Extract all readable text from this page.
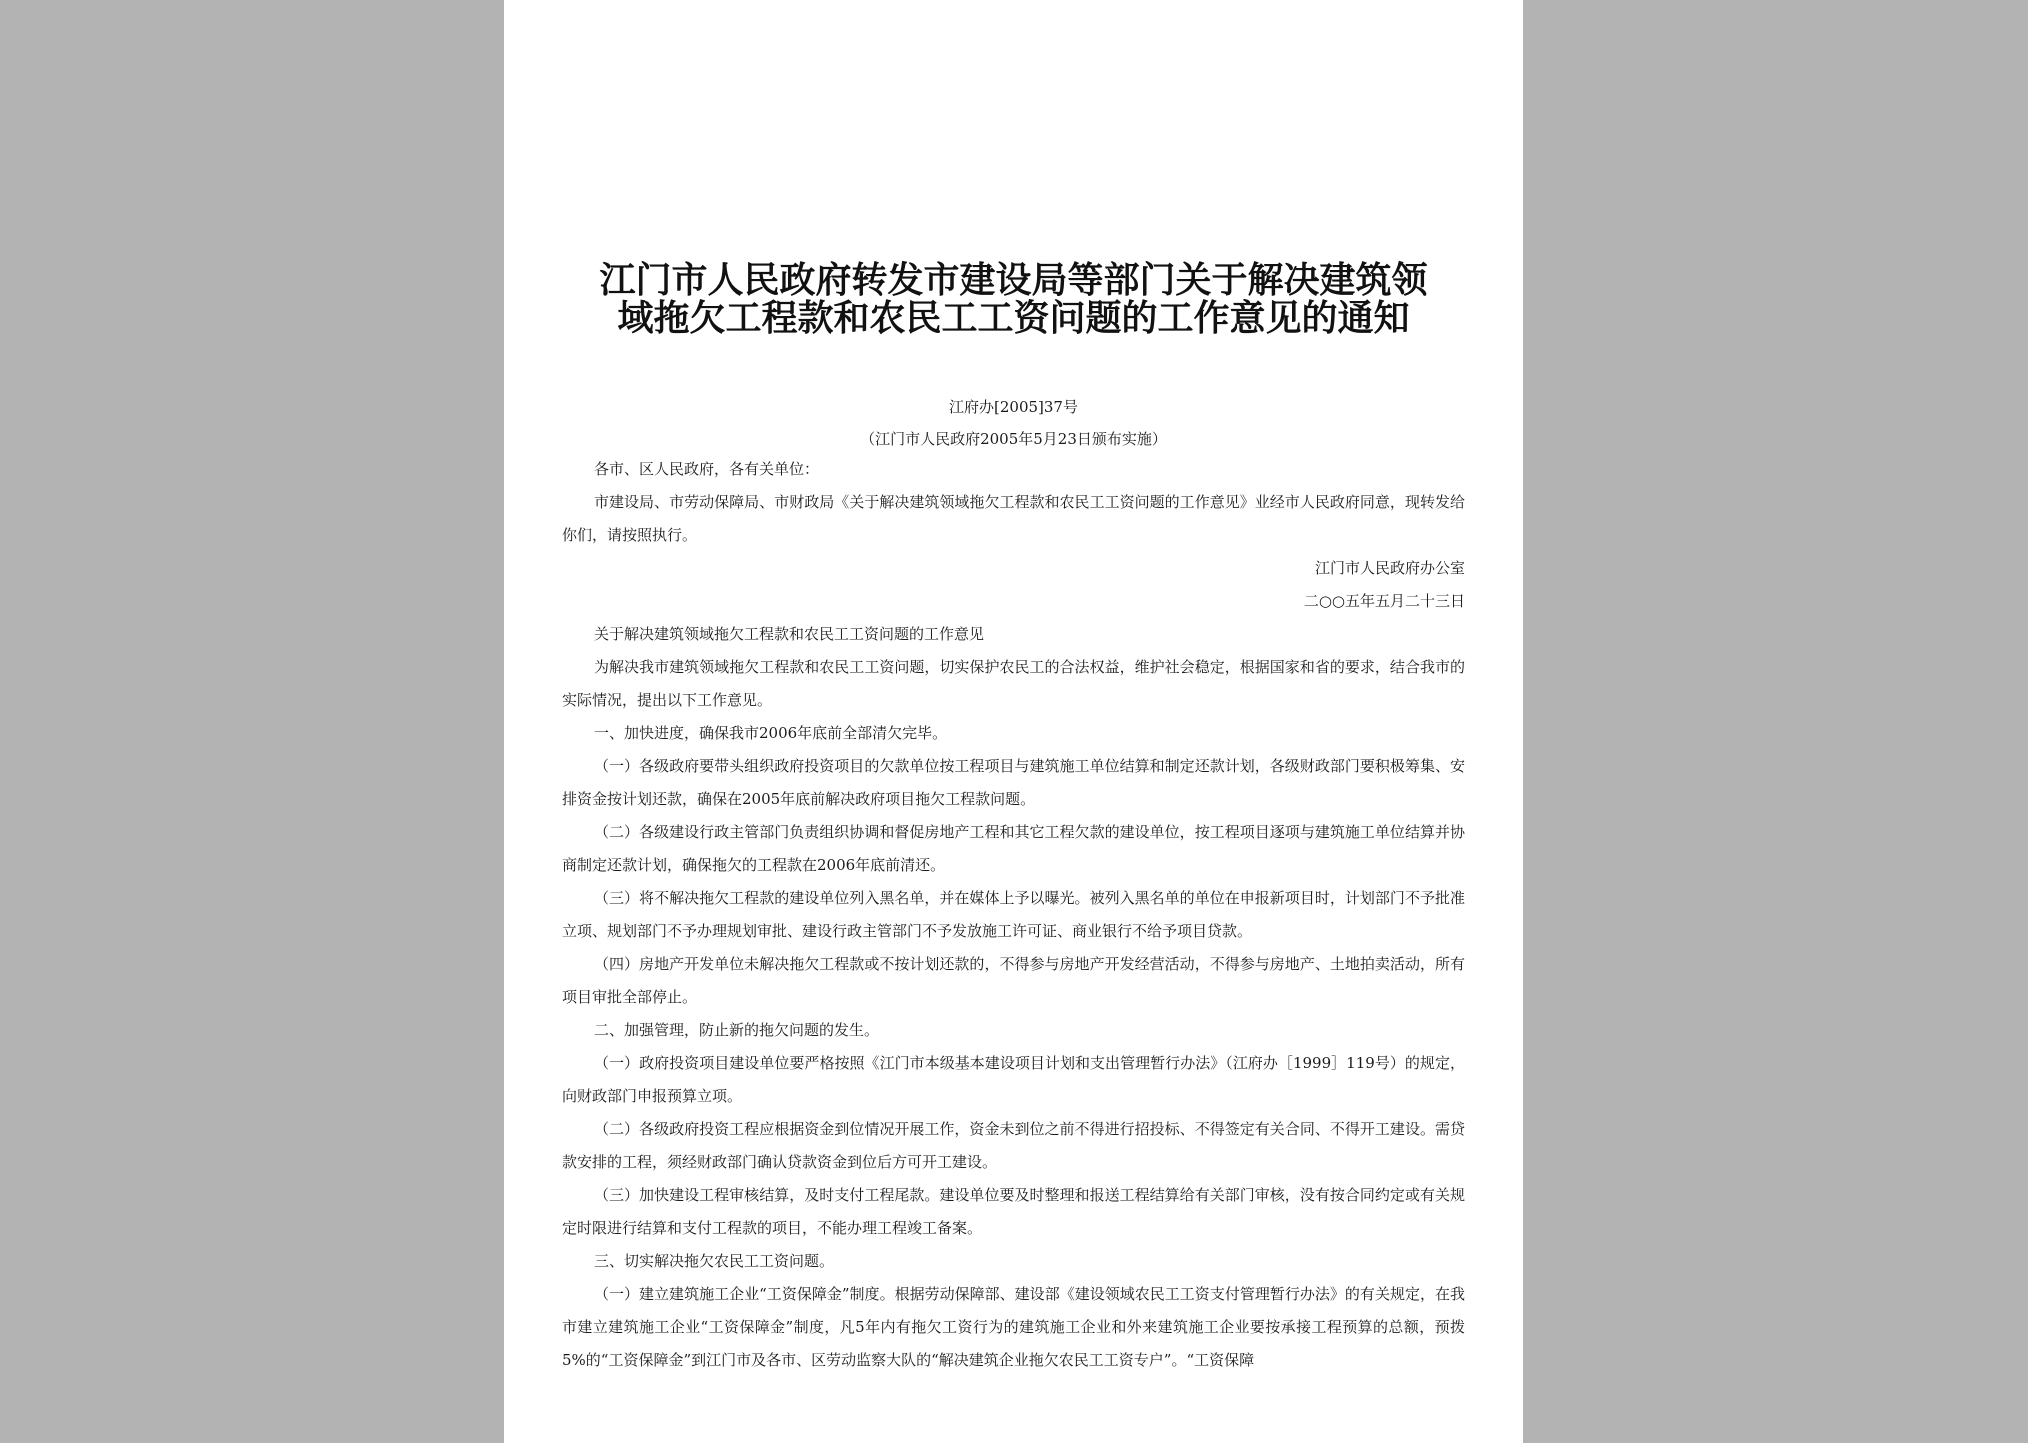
江门市人民政府转发市建设局等部门关于解决建筑领
域拖欠工程款和农民工工资问题的工作意见的通知
江府办[2005]37号
（江门市人民政府2005年5月23日颁布实施）

各市、区人民政府，各有关单位：

市建设局、市劳动保障局、市财政局《关于解决建筑领域拖欠工程款和农民工工资问题的工作意见》业经市人民政府同意，现转发给你们，请按照执行。

江门市人民政府办公室

二○○五年五月二十三日

关于解决建筑领域拖欠工程款和农民工工资问题的工作意见

为解决我市建筑领域拖欠工程款和农民工工资问题，切实保护农民工的合法权益，维护社会稳定，根据国家和省的要求，结合我市的实际情况，提出以下工作意见。

一、加快进度，确保我市2006年底前全部清欠完毕。

（一）各级政府要带头组织政府投资项目的欠款单位按工程项目与建筑施工单位结算和制定还款计划，各级财政部门要积极筹集、安排资金按计划还款，确保在2005年底前解决政府项目拖欠工程款问题。

（二）各级建设行政主管部门负责组织协调和督促房地产工程和其它工程欠款的建设单位，按工程项目逐项与建筑施工单位结算并协商制定还款计划，确保拖欠的工程款在2006年底前清还。

（三）将不解决拖欠工程款的建设单位列入黑名单，并在媒体上予以曝光。被列入黑名单的单位在申报新项目时，计划部门不予批准立项、规划部门不予办理规划审批、建设行政主管部门不予发放施工许可证、商业银行不给予项目贷款。

（四）房地产开发单位未解决拖欠工程款或不按计划还款的，不得参与房地产开发经营活动，不得参与房地产、土地拍卖活动，所有项目审批全部停止。

二、加强管理，防止新的拖欠问题的发生。

（一）政府投资项目建设单位要严格按照《江门市本级基本建设项目计划和支出管理暂行办法》（江府办［1999］119号）的规定，向财政部门申报预算立项。

（二）各级政府投资工程应根据资金到位情况开展工作，资金未到位之前不得进行招投标、不得签定有关合同、不得开工建设。需贷款安排的工程，须经财政部门确认贷款资金到位后方可开工建设。

（三）加快建设工程审核结算，及时支付工程尾款。建设单位要及时整理和报送工程结算给有关部门审核，没有按合同约定或有关规定时限进行结算和支付工程款的项目，不能办理工程竣工备案。

三、切实解决拖欠农民工工资问题。

（一）建立建筑施工企业“工资保障金”制度。根据劳动保障部、建设部《建设领域农民工工资支付管理暂行办法》的有关规定，在我市建立建筑施工企业“工资保障金”制度，凡5年内有拖欠工资行为的建筑施工企业和外来建筑施工企业要按承接工程预算的总额，预拨5%的“工资保障金”到江门市及各市、区劳动监察大队的“解决建筑企业拖欠农民工工资专户”。“工资保障
